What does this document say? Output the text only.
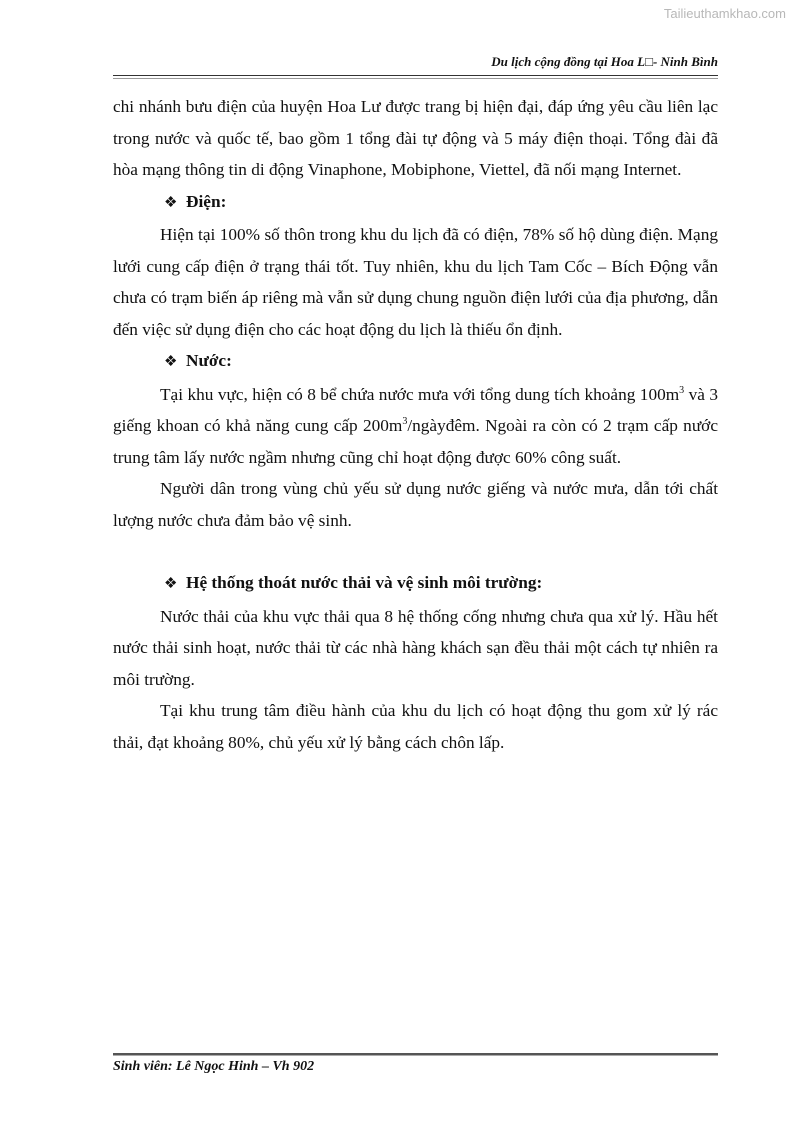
Tailieuthamkhao.com
Du lịch cộng đồng tại Hoa L□- Ninh Bình

chi nhánh bưu điện của huyện Hoa Lư được trang bị hiện đại, đáp ứng yêu cầu liên lạc trong nước và quốc tế, bao gồm 1 tổng đài tự động và 5 máy điện thoại. Tổng đài đã hòa mạng thông tin di động Vinaphone, Mobiphone, Viettel, đã nối mạng Internet.

❖ Điện:

Hiện tại 100% số thôn trong khu du lịch đã có điện, 78% số hộ dùng điện. Mạng lưới cung cấp điện ở trạng thái tốt. Tuy nhiên, khu du lịch Tam Cốc – Bích Động vẫn chưa có trạm biến áp riêng mà vẫn sử dụng chung nguồn điện lưới của địa phương, dẫn đến việc sử dụng điện cho các hoạt động du lịch là thiếu ổn định.

❖ Nước:

Tại khu vực, hiện có 8 bể chứa nước mưa với tổng dung tích khoảng $100m^3$ và 3 giếng khoan có khả năng cung cấp $200m^3$/ngàyđêm. Ngoài ra còn có 2 trạm cấp nước trung tâm lấy nước ngầm nhưng cũng chỉ hoạt động được 60% công suất.

Người dân trong vùng chủ yếu sử dụng nước giếng và nước mưa, dẫn tới chất lượng nước chưa đảm bảo vệ sinh.

❖ Hệ thống thoát nước thải và vệ sinh môi trường:

Nước thải của khu vực thải qua 8 hệ thống cống nhưng chưa qua xử lý. Hầu hết nước thải sinh hoạt, nước thải từ các nhà hàng khách sạn đều thải một cách tự nhiên ra môi trường.

Tại khu trung tâm điều hành của khu du lịch có hoạt động thu gom xử lý rác thải, đạt khoảng 80%, chủ yếu xử lý bằng cách chôn lấp.

Sinh viên: Lê Ngọc Hinh – Vh 902
